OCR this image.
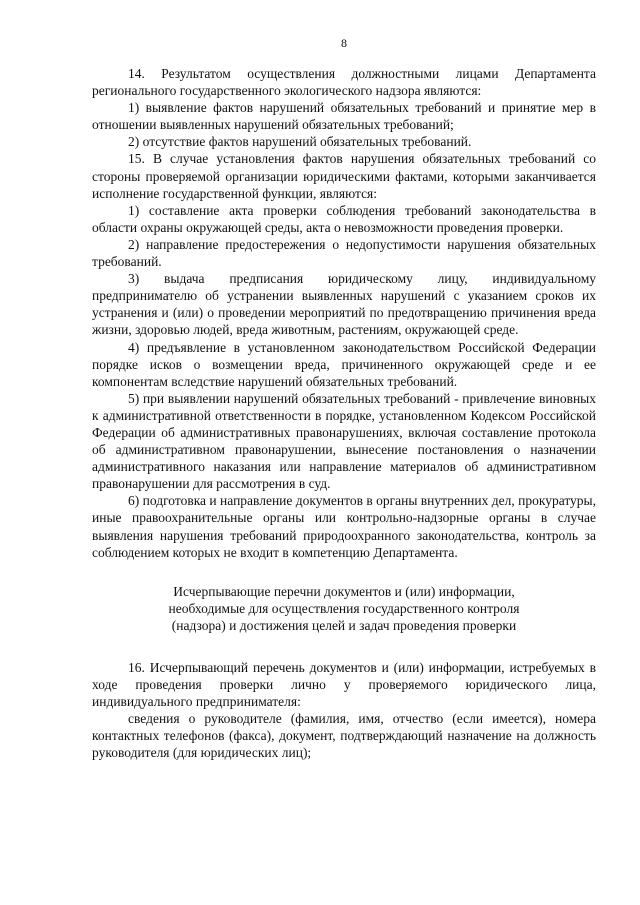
8

14. Результатом осуществления должностными лицами Департамента регионального государственного экологического надзора являются:

1) выявление фактов нарушений обязательных требований и принятие мер в отношении выявленных нарушений обязательных требований;

2) отсутствие фактов нарушений обязательных требований.

15. В случае установления фактов нарушения обязательных требований со стороны проверяемой организации юридическими фактами, которыми заканчивается исполнение государственной функции, являются:

1) составление акта проверки соблюдения требований законодательства в области охраны окружающей среды, акта о невозможности проведения проверки.

2) направление предостережения о недопустимости нарушения обязательных требований.

3) выдача предписания юридическому лицу, индивидуальному предпринимателю об устранении выявленных нарушений с указанием сроков их устранения и (или) о проведении мероприятий по предотвращению причинения вреда жизни, здоровью людей, вреда животным, растениям, окружающей среде.

4) предъявление в установленном законодательством Российской Федерации порядке исков о возмещении вреда, причиненного окружающей среде и ее компонентам вследствие нарушений обязательных требований.

5) при выявлении нарушений обязательных требований - привлечение виновных к административной ответственности в порядке, установленном Кодексом Российской Федерации об административных правонарушениях, включая составление протокола об административном правонарушении, вынесение постановления о назначении административного наказания или направление материалов об административном правонарушении для рассмотрения в суд.

6) подготовка и направление документов в органы внутренних дел, прокуратуры, иные правоохранительные органы или контрольно-надзорные органы в случае выявления нарушения требований природоохранного законодательства, контроль за соблюдением которых не входит в компетенцию Департамента.

Исчерпывающие перечни документов и (или) информации, необходимые для осуществления государственного контроля (надзора) и достижения целей и задач проведения проверки

16. Исчерпывающий перечень документов и (или) информации, истребуемых в ходе проведения проверки лично у проверяемого юридического лица, индивидуального предпринимателя:

сведения о руководителе (фамилия, имя, отчество (если имеется), номера контактных телефонов (факса), документ, подтверждающий назначение на должность руководителя (для юридических лиц);
